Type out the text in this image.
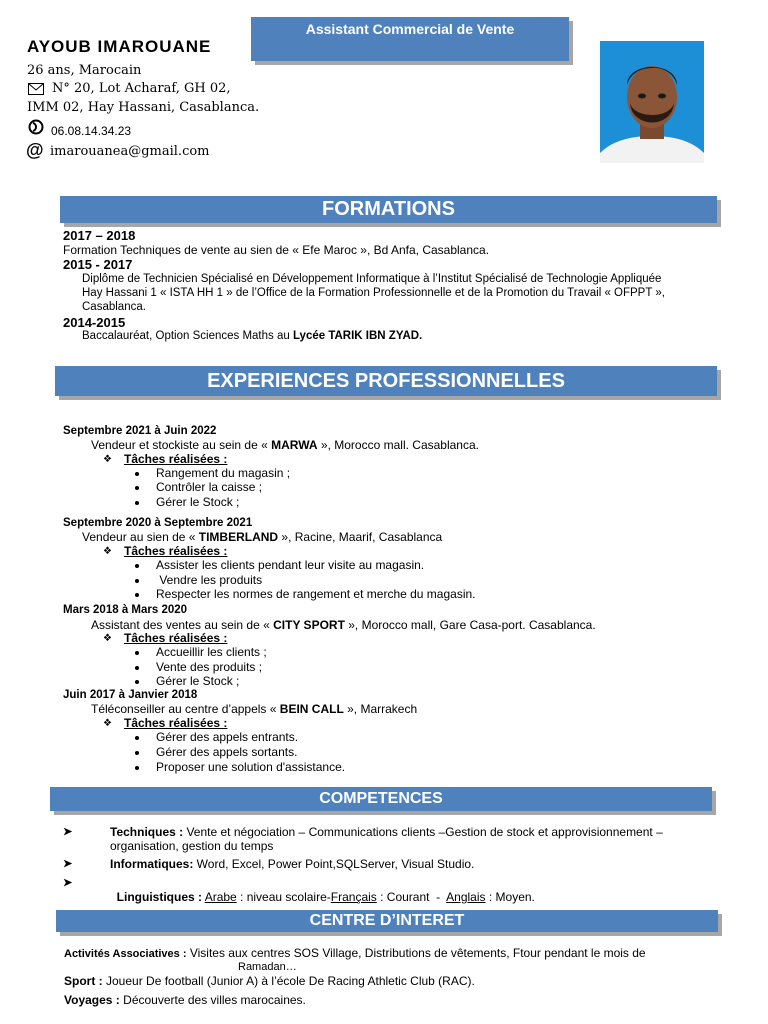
Assistant Commercial de Vente
AYOUB IMAROUANE
26 ans, Marocain
N° 20, Lot Acharaf, GH 02,
IMM 02, Hay Hassani, Casablanca.
06.08.14.34.23
@ imarouanea@gmail.com
FORMATIONS
2017 – 2018
Formation Techniques de vente au sien de « Efe Maroc », Bd Anfa, Casablanca.
2015 - 2017
Diplôme de Technicien Spécialisé en Développement Informatique à l’Institut Spécialisé de Technologie Appliquée
Hay Hassani 1 « ISTA HH 1 » de l’Office de la Formation Professionnelle et de la Promotion du Travail « OFPPT »,
Casablanca.
2014-2015
Baccalauréat, Option Sciences Maths au Lycée TARIK IBN ZYAD.
EXPERIENCES PROFESSIONNELLES
Septembre 2021 à Juin 2022
Vendeur et stockiste au sein de « MARWA », Morocco mall. Casablanca.
❖ Tâches réalisées :
Rangement du magasin ;
Contrôler la caisse ;
Gérer le Stock ;
Septembre 2020 à Septembre 2021
Vendeur au sien de « TIMBERLAND », Racine, Maarif, Casablanca
❖ Tâches réalisées :
Assister les clients pendant leur visite au magasin.
Vendre les produits
Respecter les normes de rangement et merche du magasin.
Mars 2018 à Mars 2020
Assistant des ventes au sein de « CITY SPORT », Morocco mall, Gare Casa-port. Casablanca.
❖ Tâches réalisées :
Accueillir les clients ;
Vente des produits ;
Gérer le Stock ;
Juin 2017 à Janvier 2018
Téléconseiller au centre d’appels « BEIN CALL », Marrakech
❖ Tâches réalisées :
Gérer des appels entrants.
Gérer des appels sortants.
Proposer une solution d'assistance.
COMPETENCES
➤	Techniques : Vente et négociation – Communications clients –Gestion de stock et approvisionnement –
organisation, gestion du temps
➤	Informatiques: Word, Excel, Power Point,SQLServer, Visual Studio.
➤

Linguistiques : Arabe : niveau scolaire-Français : Courant  -  Anglais : Moyen.

CENTRE D’INTERET
Activités Associatives : Visites aux centres SOS Village, Distributions de vêtements, Ftour pendant le mois de
Ramadan…
Sport : Joueur De football (Junior A) à l’école De Racing Athletic Club (RAC).
Voyages : Découverte des villes marocaines.
